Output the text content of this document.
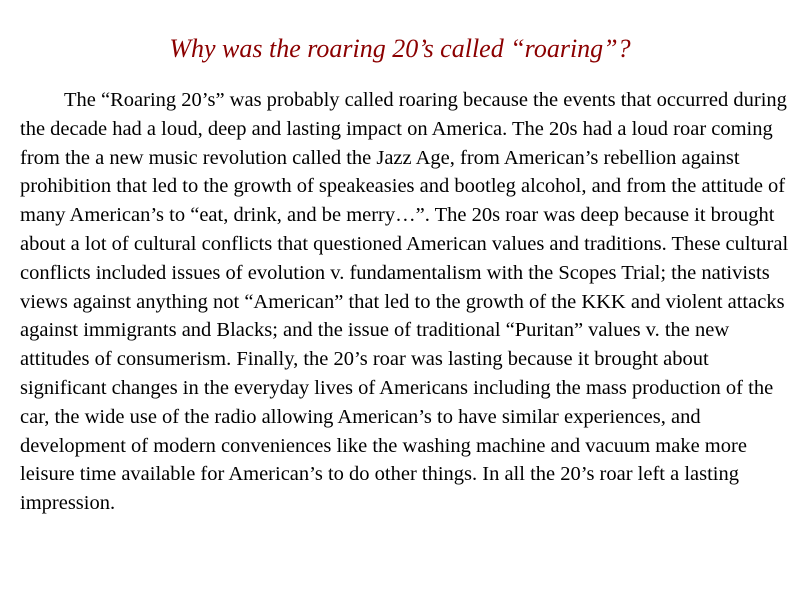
Why was the roaring 20’s called “roaring”?

The “Roaring 20’s” was probably called roaring because the events that occurred during the decade had a loud, deep and lasting impact on America. The 20s had a loud roar coming from the a new music revolution called the Jazz Age, from American’s rebellion against prohibition that led to the growth of speakeasies and bootleg alcohol, and from the attitude of many American’s to “eat, drink, and be merry…”. The 20s roar was deep because it brought about a lot of cultural conflicts that questioned American values and traditions. These cultural conflicts included issues of evolution v. fundamentalism with the Scopes Trial; the nativists views against anything not “American” that led to the growth of the KKK and violent attacks against immigrants and Blacks; and the issue of traditional “Puritan” values v. the new attitudes of consumerism. Finally, the 20’s roar was lasting because it brought about significant changes in the everyday lives of Americans including the mass production of the car, the wide use of the radio allowing American’s to have similar experiences, and development of modern conveniences like the washing machine and vacuum make more leisure time available for American’s to do other things. In all the 20’s roar left a lasting impression.
